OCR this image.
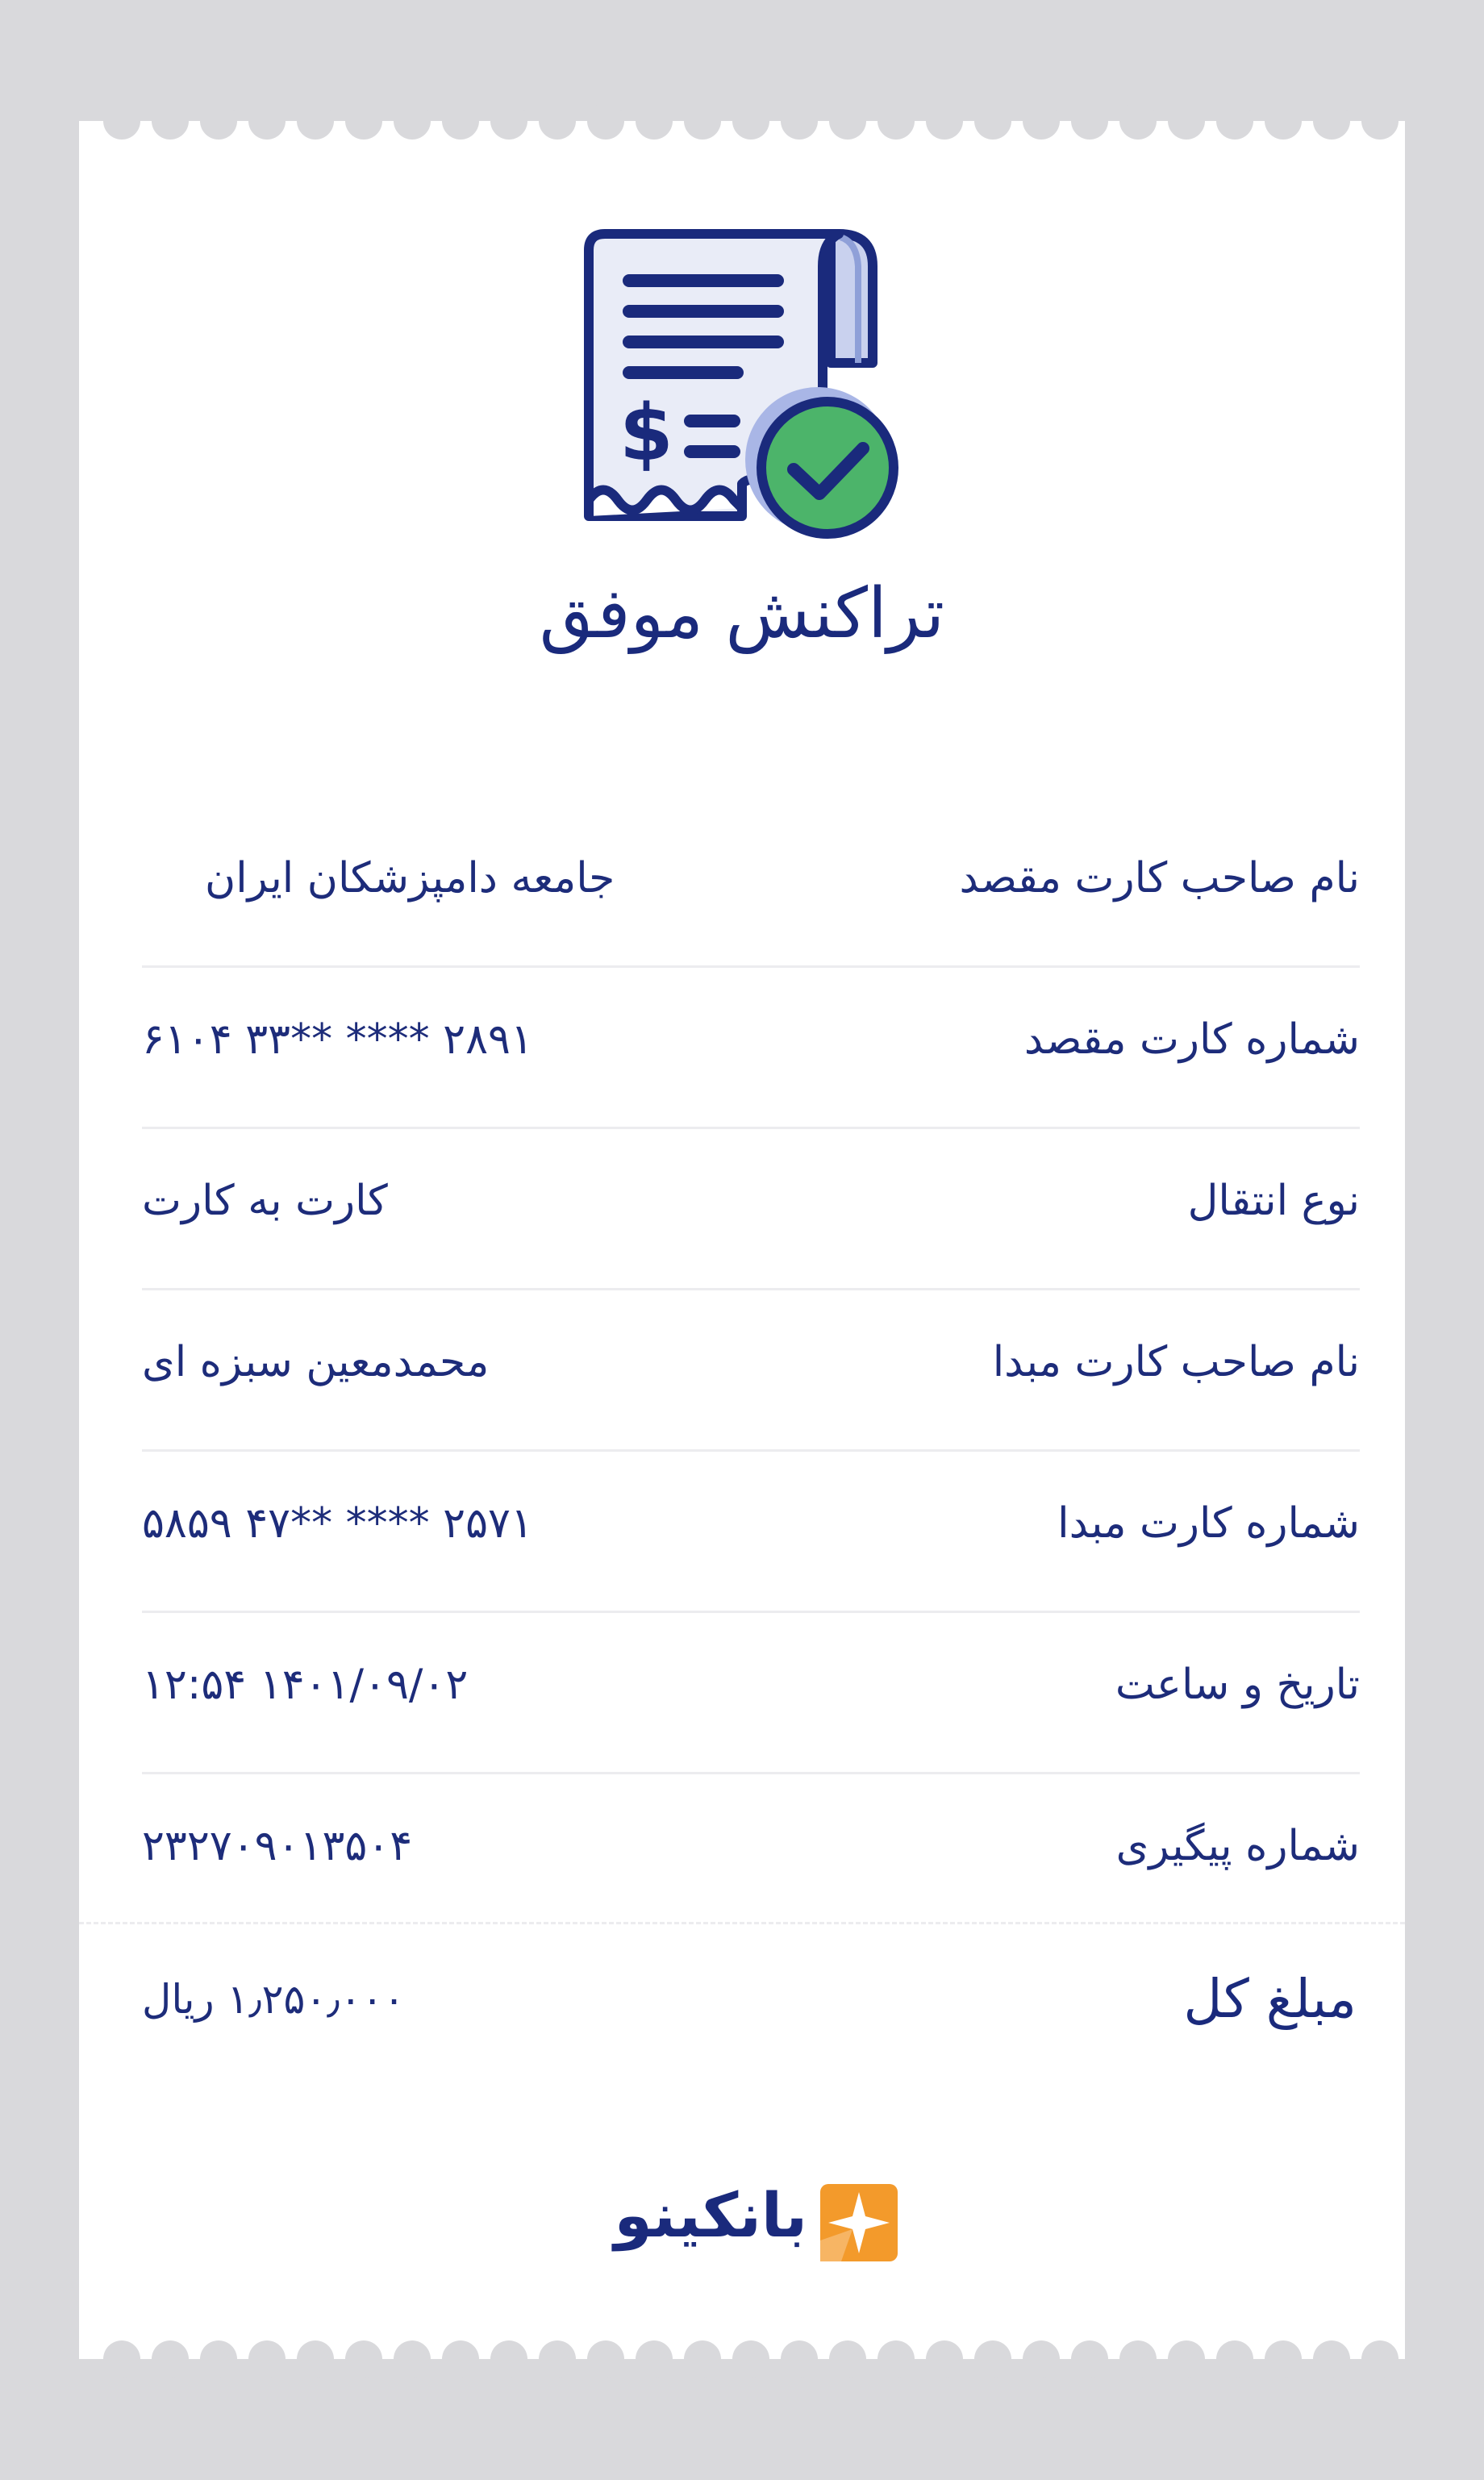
$
تراکنش موفق
نام صاحب کارت مقصد
جامعه دامپزشکان ایران
شماره کارت مقصد
۲۸۹۱ **** **۳۳ ۶۱۰۴
نوع انتقال
کارت به کارت
نام صاحب کارت مبدا
محمدمعین سبزه ای
شماره کارت مبدا
۲۵۷۱ **** **۴۷ ۵۸۵۹
تاریخ و ساعت
۱۴۰۱/۰۹/۰۲ ۱۲:۵۴
شماره پیگیری
۲۳۲۷۰۹۰۱۳۵۰۴
مبلغ کل
۱٫۲۵۰٫۰۰۰ ریال
بانکینو
